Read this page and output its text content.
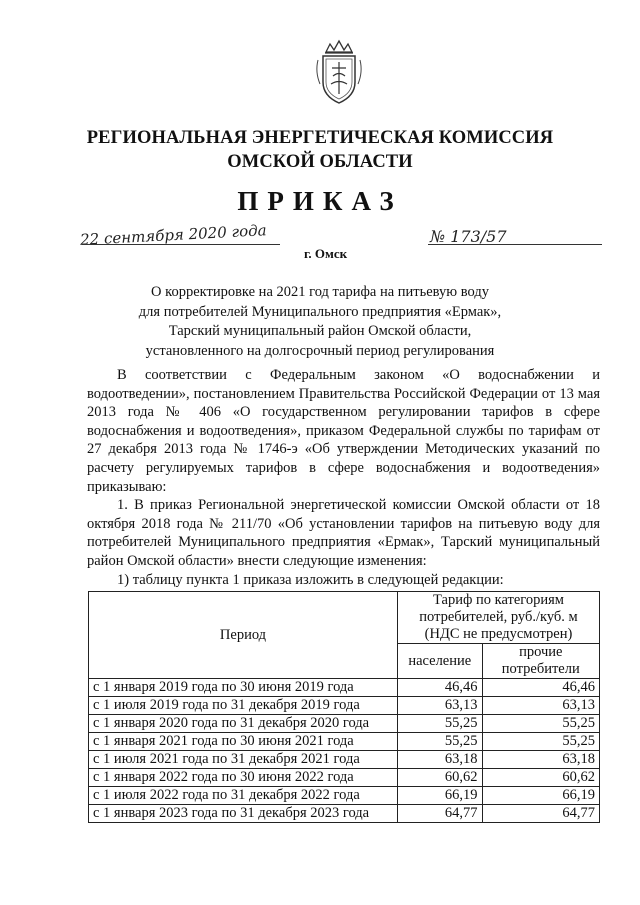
РЕГИОНАЛЬНАЯ ЭНЕРГЕТИЧЕСКАЯ КОМИССИЯ
ОМСКОЙ ОБЛАСТИ
ПРИКАЗ
22 сентября 2020 года
г. Омск
№ 173/57
О корректировке на 2021 год тарифа на питьевую воду
для потребителей Муниципального предприятия «Ермак»,
Тарский муниципальный район Омской области,
установленного на долгосрочный период регулирования

В соответствии с Федеральным законом «О водоснабжении и водоотведении», постановлением Правительства Российской Федерации от 13 мая 2013 года № 406 «О государственном регулировании тарифов в сфере водоснабжения и водоотведения», приказом Федеральной службы по тарифам от 27 декабря 2013 года № 1746-э «Об утверждении Методических указаний по расчету регулируемых тарифов в сфере водоснабжения и водоотведения» приказываю:

1. В приказ Региональной энергетической комиссии Омской области от 18 октября 2018 года № 211/70 «Об установлении тарифов на питьевую воду для потребителей Муниципального предприятия «Ермак», Тарский муниципальный район Омской области» внести следующие изменения:

1) таблицу пункта 1 приказа изложить в следующей редакции:

Период	Тариф по категориям потребителей, руб./куб. м (НДС не предусмотрен)	
	население	прочие потребители
с 1 января 2019 года по 30 июня 2019 года	46,46	46,46
с 1 июля 2019 года по 31 декабря 2019 года	63,13	63,13
с 1 января 2020 года по 31 декабря 2020 года	55,25	55,25
с 1 января 2021 года по 30 июня 2021 года	55,25	55,25
с 1 июля 2021 года по 31 декабря 2021 года	63,18	63,18
с 1 января 2022 года по 30 июня 2022 года	60,62	60,62
с 1 июля 2022 года по 31 декабря 2022 года	66,19	66,19
с 1 января 2023 года по 31 декабря 2023 года	64,77	64,77
